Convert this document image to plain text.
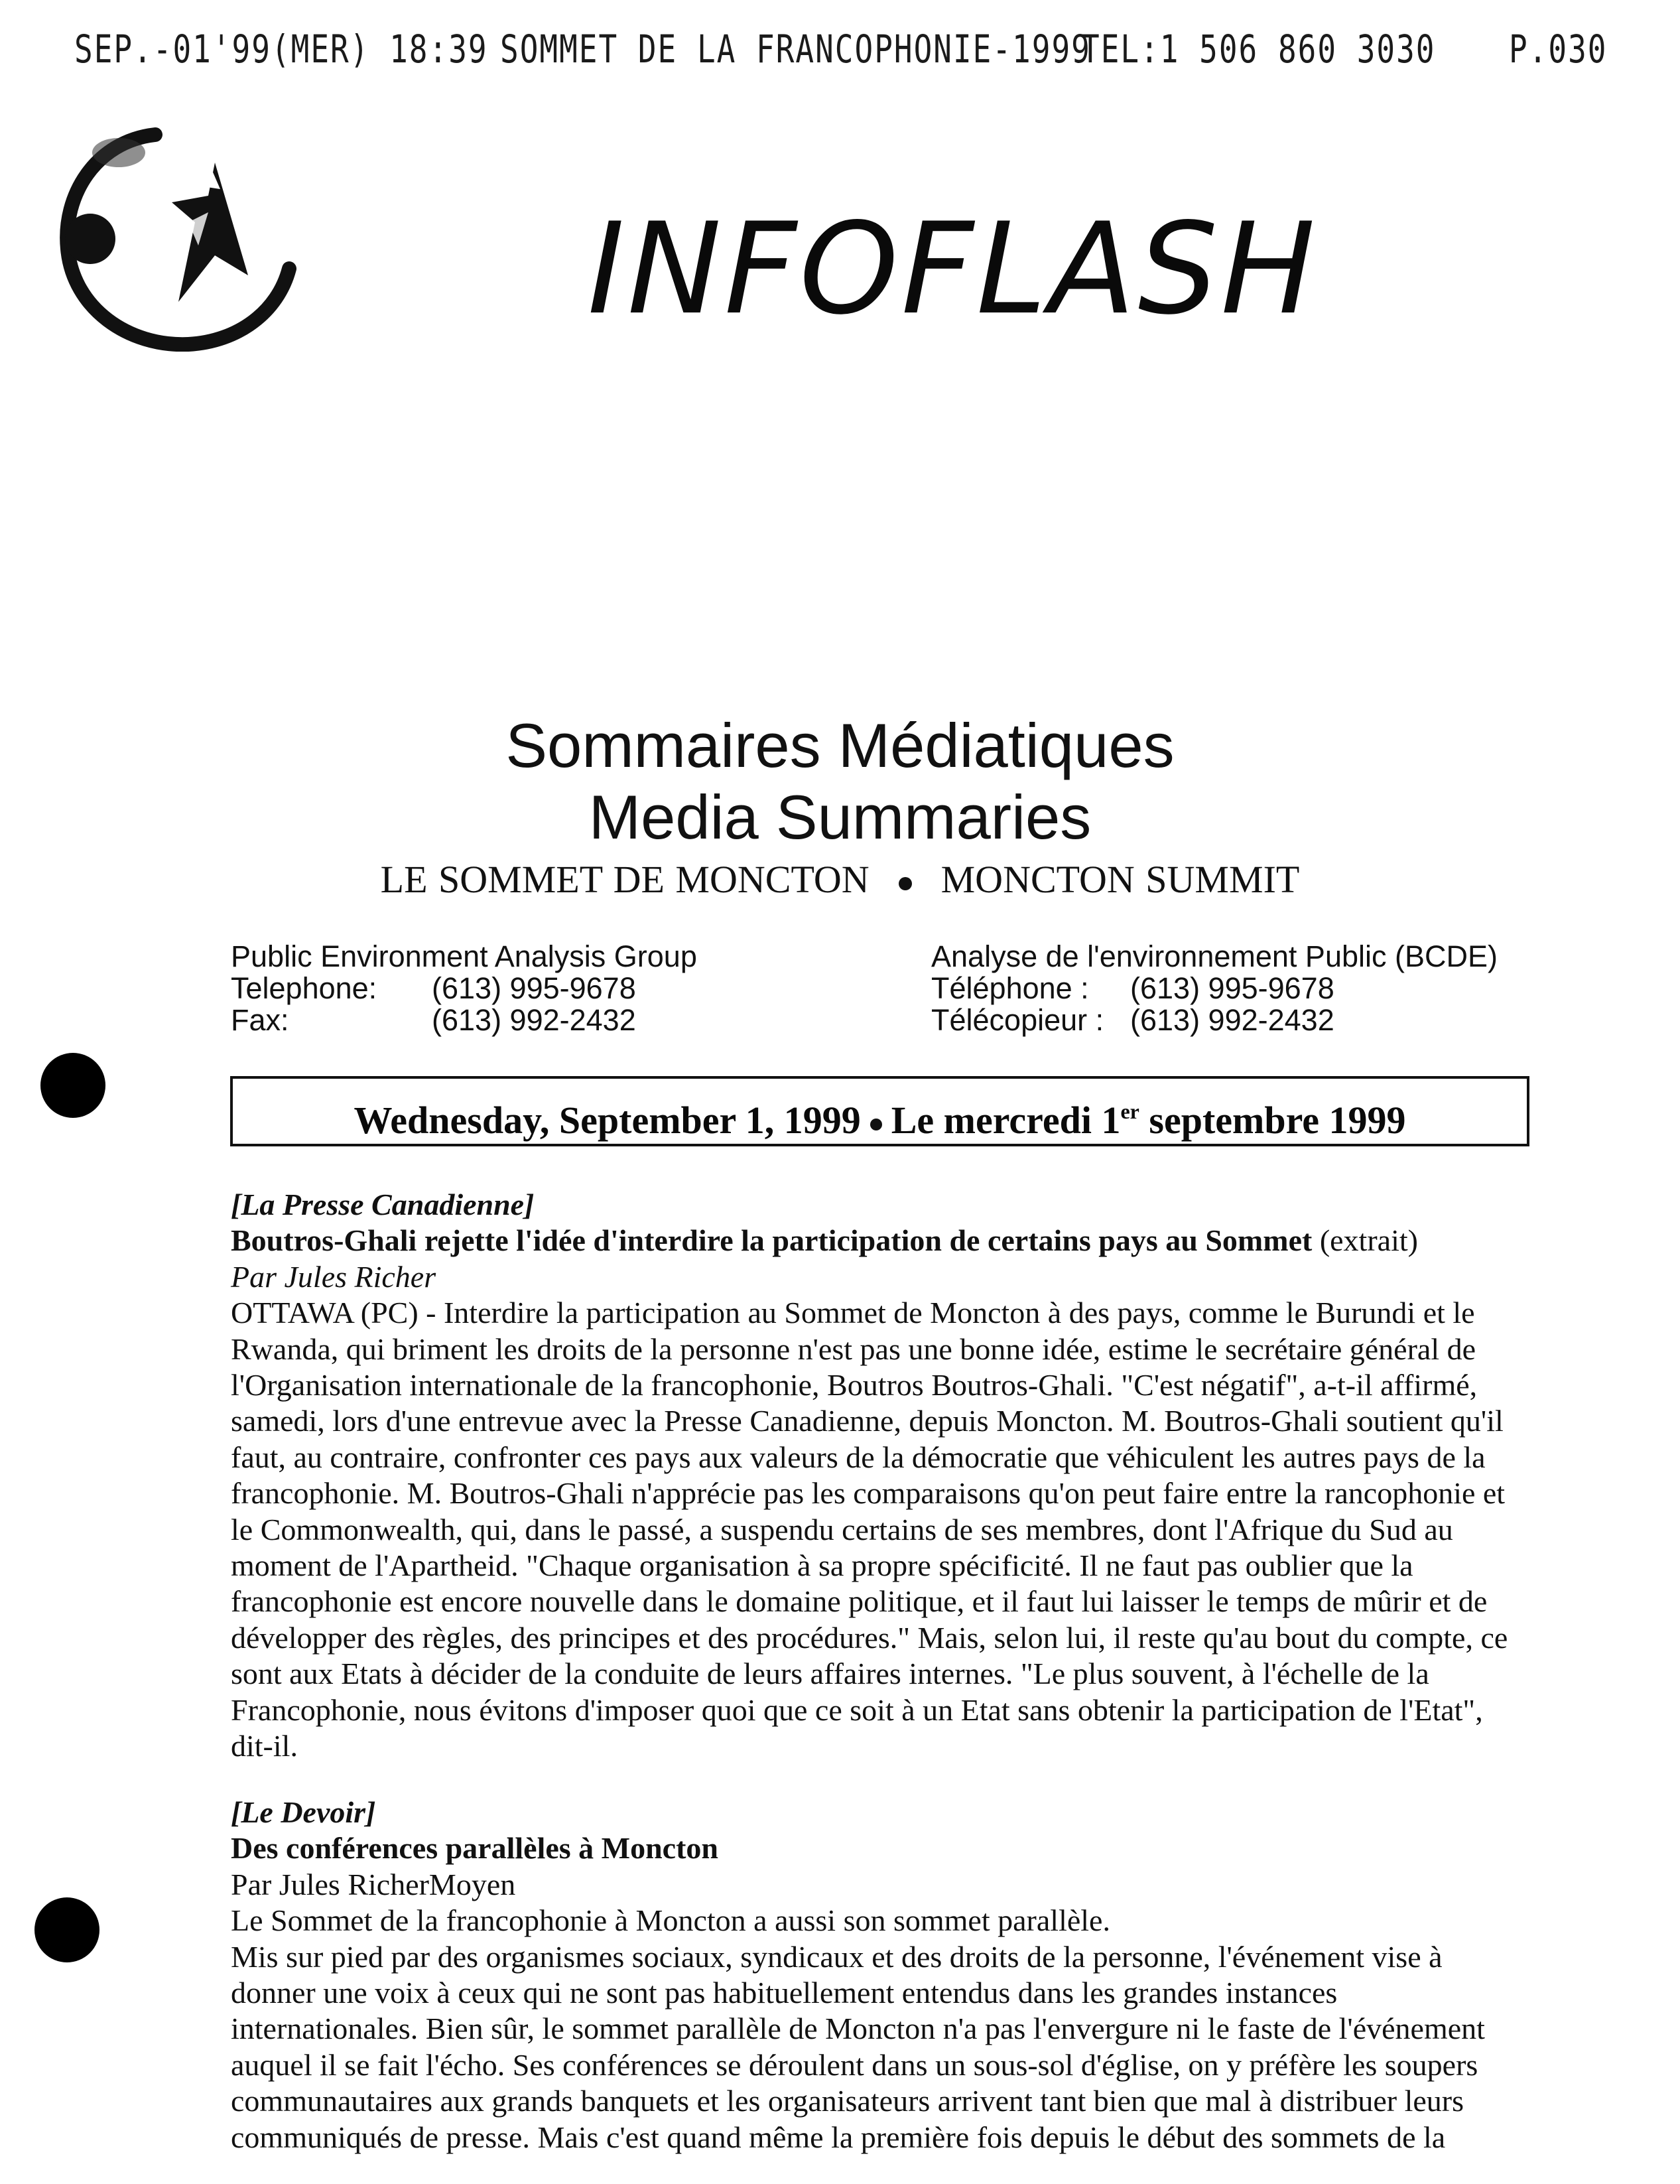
SEP.-01'99(MER) 18:39 SOMMET DE LA FRANCOPHONIE-1999
TEL:1 506 860 3030 P.030
INFOFLASH
Sommaires Médiatiques
Media Summaries
LE SOMMET DE MONCTON MONCTON SUMMIT
Public Environment Analysis Group
Telephone: (613) 995-9678
Fax:	(613) 992-2432
Analyse de l'environnement Public (BCDE)
Téléphone : (613) 995-9678
Télécopieur : (613) 992-2432
Wednesday, September 1, 1999 Le mercredi 1er septembre 1999

[La Presse Canadienne]

Boutros-Ghali rejette l'idée d'interdire la participation de certains pays au Sommet (extrait)

Par Jules Richer

OTTAWA (PC) - Interdire la participation au Sommet de Moncton à des pays, comme le Burundi et le Rwanda, qui briment les droits de la personne n'est pas une bonne idée, estime le secrétaire général de l'Organisation internationale de la francophonie, Boutros Boutros-Ghali. "C'est négatif", a-t-il affirmé, samedi, lors d'une entrevue avec la Presse Canadienne, depuis Moncton. M. Boutros-Ghali soutient qu'il faut, au contraire, confronter ces pays aux valeurs de la démocratie que véhiculent les autres pays de la francophonie. M. Boutros-Ghali n'apprécie pas les comparaisons qu'on peut faire entre la rancophonie et le Commonwealth, qui, dans le passé, a suspendu certains de ses membres, dont l'Afrique du Sud au moment de l'Apartheid. "Chaque organisation à sa propre spécificité. Il ne faut pas oublier que la francophonie est encore nouvelle dans le domaine politique, et il faut lui laisser le temps de mûrir et de développer des règles, des principes et des procédures." Mais, selon lui, il reste qu'au bout du compte, ce sont aux Etats à décider de la conduite de leurs affaires internes. "Le plus souvent, à l'échelle de la Francophonie, nous évitons d'imposer quoi que ce soit à un Etat sans obtenir la participation de l'Etat", dit-il.

[Le Devoir]

Des conférences parallèles à Moncton

Par Jules RicherMoyen

Le Sommet de la francophonie à Moncton a aussi son sommet parallèle.

Mis sur pied par des organismes sociaux, syndicaux et des droits de la personne, l'événement vise à donner une voix à ceux qui ne sont pas habituellement entendus dans les grandes instances internationales. Bien sûr, le sommet parallèle de Moncton n'a pas l'envergure ni le faste de l'événement auquel il se fait l'écho. Ses conférences se déroulent dans un sous-sol d'église, on y préfère les soupers communautaires aux grands banquets et les organisateurs arrivent tant bien que mal à distribuer leurs communiqués de presse. Mais c'est quand même la première fois depuis le début des sommets de la
